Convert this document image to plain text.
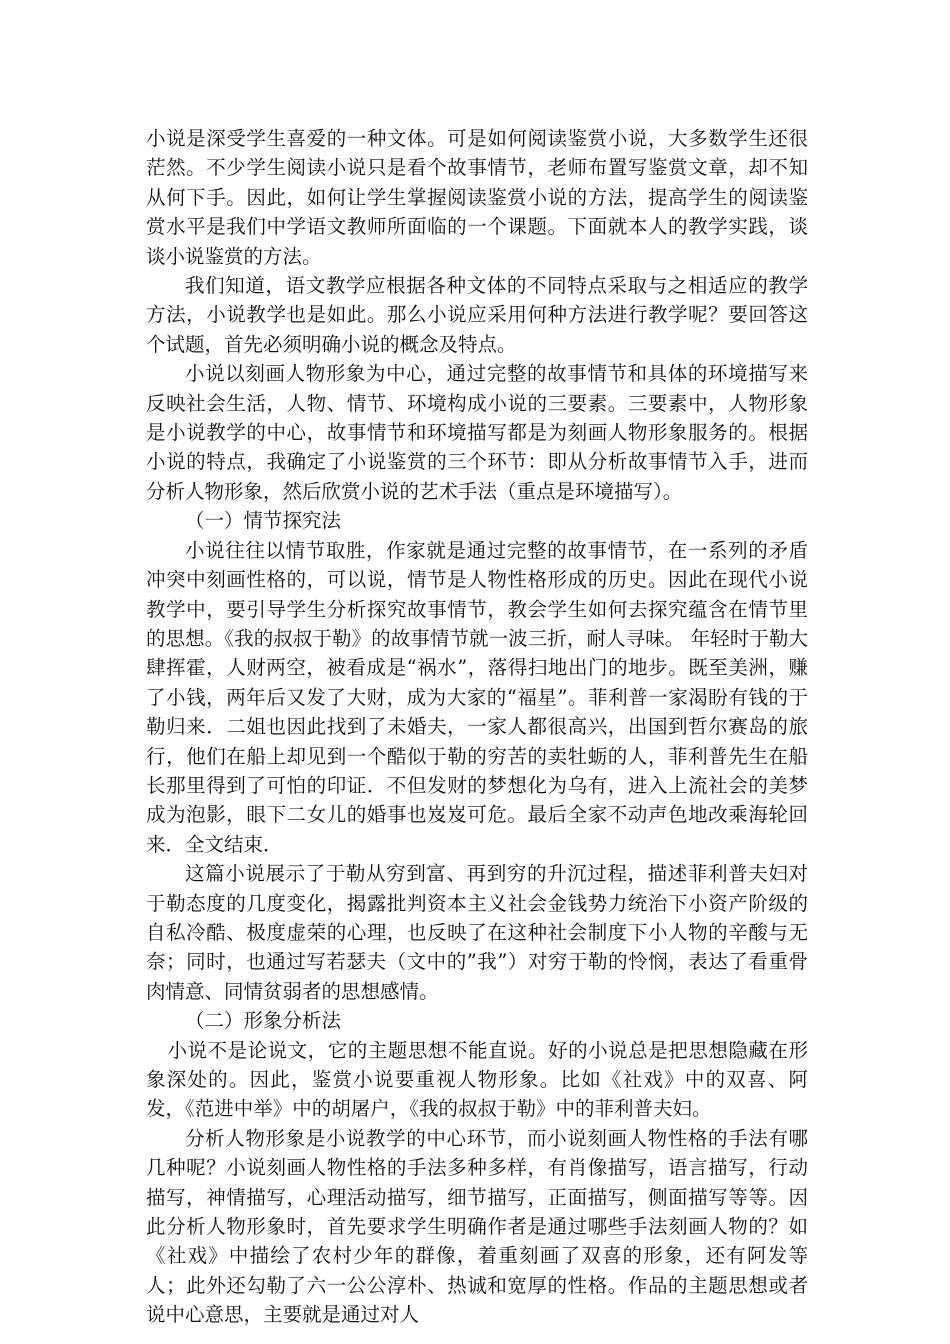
小说是深受学生喜爱的一种文体。可是如何阅读鉴赏小说，大多数学生还很茫然。不少学生阅读小说只是看个故事情节，老师布置写鉴赏文章，却不知从何下手。因此，如何让学生掌握阅读鉴赏小说的方法，提高学生的阅读鉴赏水平是我们中学语文教师所面临的一个课题。下面就本人的教学实践，谈谈小说鉴赏的方法。

我们知道，语文教学应根据各种文体的不同特点采取与之相适应的教学方法，小说教学也是如此。那么小说应采用何种方法进行教学呢？要回答这个试题，首先必须明确小说的概念及特点。

小说以刻画人物形象为中心，通过完整的故事情节和具体的环境描写来反映社会生活，人物、情节、环境构成小说的三要素。三要素中，人物形象是小说教学的中心，故事情节和环境描写都是为刻画人物形象服务的。根据小说的特点，我确定了小说鉴赏的三个环节：即从分析故事情节入手，进而分析人物形象，然后欣赏小说的艺术手法（重点是环境描写）。

（一）情节探究法

小说往往以情节取胜，作家就是通过完整的故事情节，在一系列的矛盾冲突中刻画性格的，可以说，情节是人物性格形成的历史。因此在现代小说教学中，要引导学生分析探究故事情节，教会学生如何去探究蕴含在情节里的思想。《我的叔叔于勒》的故事情节就一波三折，耐人寻味。 年轻时于勒大肆挥霍，人财两空，被看成是“祸水”，落得扫地出门的地步。既至美洲，赚了小钱，两年后又发了大财，成为大家的“福星”。菲利普一家渴盼有钱的于勒归来．二姐也因此找到了未婚夫，一家人都很高兴，出国到哲尔赛岛的旅行，他们在船上却见到一个酷似于勒的穷苦的卖牡蛎的人，菲利普先生在船长那里得到了可怕的印证．不但发财的梦想化为乌有，进入上流社会的美梦成为泡影，眼下二女儿的婚事也岌岌可危。最后全家不动声色地改乘海轮回来．全文结束．

这篇小说展示了于勒从穷到富、再到穷的升沉过程，描述菲利普夫妇对于勒态度的几度变化，揭露批判资本主义社会金钱势力统治下小资产阶级的自私冷酷、极度虚荣的心理，也反映了在这种社会制度下小人物的辛酸与无奈；同时，也通过写若瑟夫（文中的”我”）对穷于勒的怜悯，表达了看重骨肉情意、同情贫弱者的思想感情。

（二）形象分析法

小说不是论说文，它的主题思想不能直说。好的小说总是把思想隐藏在形象深处的。因此，鉴赏小说要重视人物形象。比如《社戏》中的双喜、阿发，《范进中举》中的胡屠户，《我的叔叔于勒》中的菲利普夫妇。

分析人物形象是小说教学的中心环节，而小说刻画人物性格的手法有哪几种呢？小说刻画人物性格的手法多种多样，有肖像描写，语言描写，行动描写，神情描写，心理活动描写，细节描写，正面描写，侧面描写等等。因此分析人物形象时，首先要求学生明确作者是通过哪些手法刻画人物的？如《社戏》中描绘了农村少年的群像，着重刻画了双喜的形象，还有阿发等人；此外还勾勒了六一公公淳朴、热诚和宽厚的性格。作品的主题思想或者说中心意思，主要就是通过对人
